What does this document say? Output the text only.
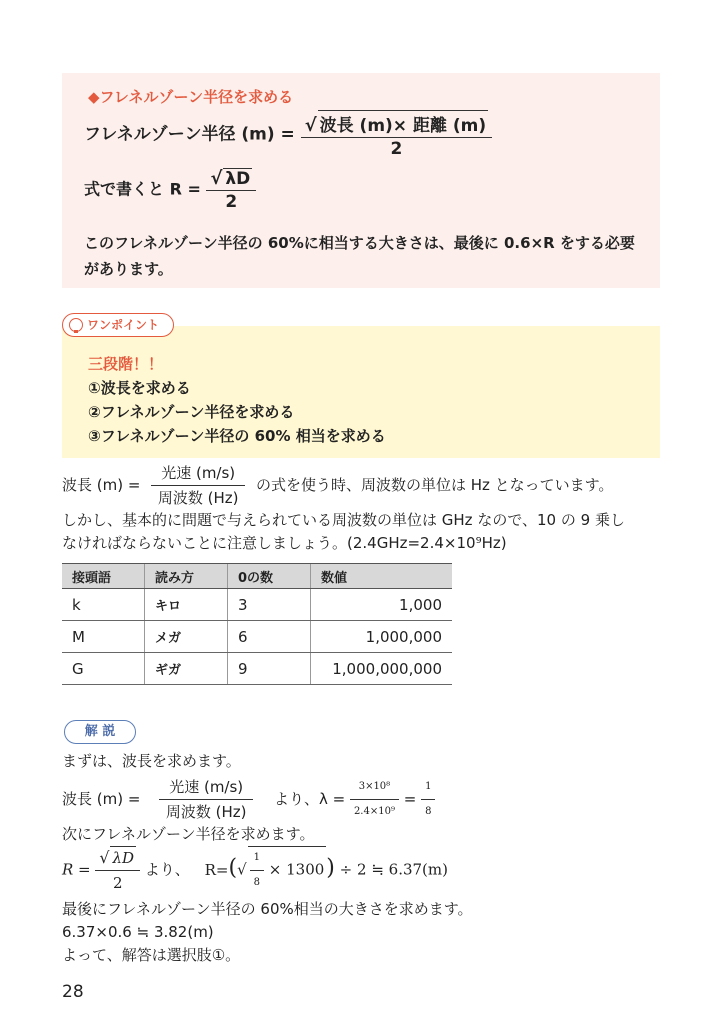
◆フレネルゾーン半径を求める
フレネルゾーン半径 $(m) = \frac{\text{√ 波長 (m)× 距離 (m)}}{2}$
式で書くと $R = \frac{√ \lambda D}{2}$
このフレネルゾーン半径の 60%に相当する大きさは、最後に 0.6×R をする必要があります。
ワンポイント
三段階！！
①波長を求める
②フレネルゾーン半径を求める
③フレネルゾーン半径の 60% 相当を求める
波長 $(m) = \frac{\text{光速 (m/s)}}{\text{周波数 (Hz)}}$ の式を使う時、周波数の単位は Hz となっています。
しかし、基本的に問題で与えられている周波数の単位は GHz なので、10 の 9 乗し
なければならないことに注意しましょう。(2.4GHz=2.4×10⁹Hz)
接頭語	読み方	0の数	数値
k	キロ	3	1,000
M	メガ	6	1,000,000
G	ギガ	9	1,000,000,000
解 説
まずは、波長を求めます。
波長 $(m) = \frac{\text{光速 (m/s)}}{\text{周波数 (Hz)}}$ より、$\lambda = \frac{\text{3×10⁸}}{\text{2.4×10⁹}} = \frac{1}{8}$
次にフレネルゾーン半径を求めます。
$R = \frac{√ \lambda D}{2}$ より、 $R=(√ \frac{1}{8} \times 1300) \div 2$ ≒ 6.37(m)
最後にフレネルゾーン半径の 60%相当の大きさを求めます。
6.37×0.6 ≒ 3.82(m)
よって、解答は選択肢①。
28
